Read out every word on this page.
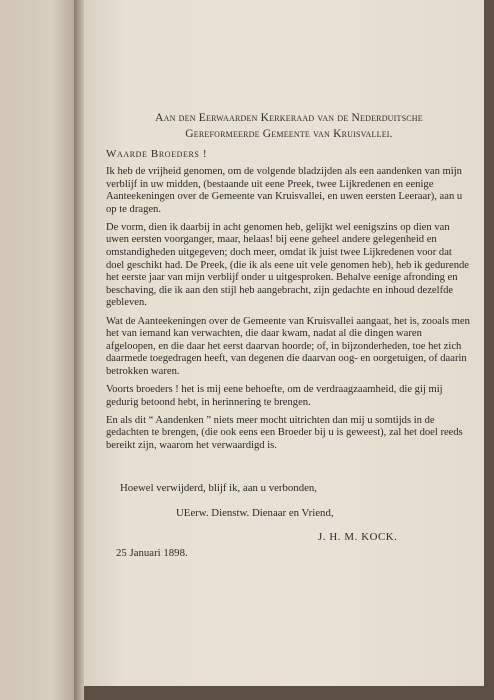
Aan den Eerwaarden Kerkeraad van de Nederduitsche
Gereformeerde Gemeente van Kruisvallei.
Waarde Broeders !

Ik heb de vrijheid genomen, om de volgende bladzijden als een aandenken van mijn verblijf in uw midden, (bestaande uit eene Preek, twee Lijkredenen en eenige Aanteekeningen over de Gemeente van Kruisvallei, en uwen eersten Leeraar), aan u op te dragen.

De vorm, dien ik daarbij in acht genomen heb, gelijkt wel eenigszins op dien van uwen eersten voorganger, maar, helaas! bij eene geheel andere gelegenheid en omstandigheden uitgegeven; doch meer, omdat ik juist twee Lijkredenen voor dat doel geschikt had. De Preek, (die ik als eene uit vele genomen heb), heb ik gedurende het eerste jaar van mijn verblijf onder u uitgesproken. Behalve eenige afronding en beschaving, die ik aan den stijl heb aangebracht, zijn gedachte en inhoud dezelfde gebleven.

Wat de Aanteekeningen over de Gemeente van Kruisvallei aangaat, het is, zooals men het van iemand kan verwachten, die daar kwam, nadat al die dingen waren afgeloopen, en die daar het eerst daarvan hoorde; of, in bijzonderheden, toe het zich daarmede toegedragen heeft, van degenen die daarvan oog- en oorgetuigen, of daarin betrokken waren.

Voorts broeders ! het is mij eene behoefte, om de verdraagzaamheid, die gij mij gedurig betoond hebt, in herinnering te brengen.

En als dit “ Aandenken ” niets meer mocht uitrichten dan mij u somtijds in de gedachten te brengen, (die ook eens een Broeder bij u is geweest), zal het doel reeds bereikt zijn, waarom het verwaardigd is.

Hoewel verwijderd, blijf ik, aan u verbonden,
UEerw. Dienstw. Dienaar en Vriend,
J. H. M. KOCK.
25 Januari 1898.
